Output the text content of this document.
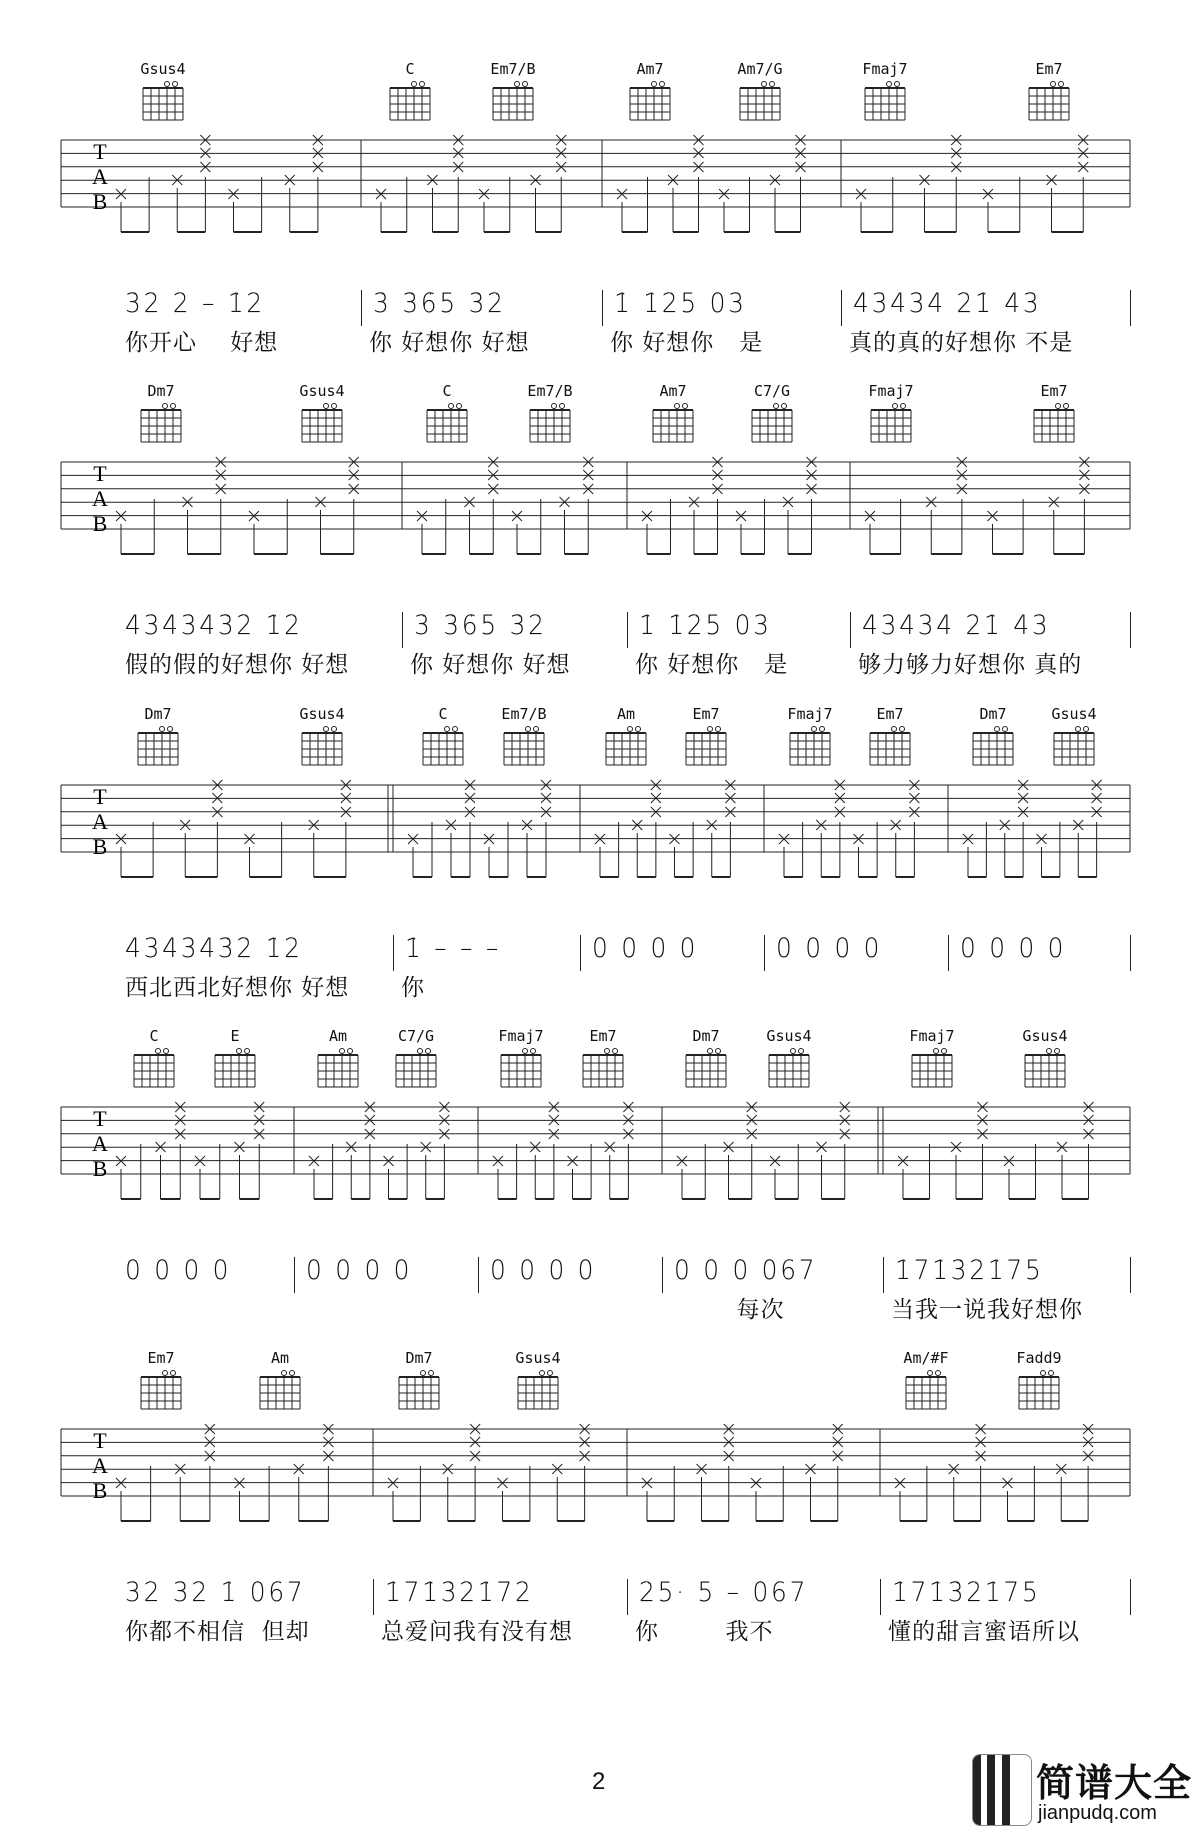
Gsus4	C	Em7/B	Am7	Am7/G	Fmaj7	Em7
T
A
B
3̇2̇ 2̇ – 1̇2̇	3̇ 3̇6̇5 3̇2̇	1̇ 1̇2̇5 03	43434 2̇1̇ 43
你开心    好想	你 好想你 好想	你 好想你   是	真的真的好想你 不是
Dm7	Gsus4	C	Em7/B	Am7	C7/G	Fmaj7	Em7
T
A
B
434343̇2̇ 1̇2̇	3̇ 3̇6̇5 3̇2̇	1̇ 1̇2̇5 03	43434 2̇1̇ 43
假的假的好想你 好想	你 好想你 好想	你 好想你   是	够力够力好想你 真的
Dm7	Gsus4	C	Em7/B	Am	Em7	Fmaj7	Em7	Dm7	Gsus4
T
A
B
434343̇2̇ 1̇2̇	1̇ – – –	0 0 0 0	0 0 0 0	0 0 0 0
西北西北好想你 好想 你
C	E	Am	C7/G	Fmaj7	Em7	Dm7	Gsus4	Fmaj7	Gsus4
T
A
B
0 0 0 0	0 0 0 0	0 0 0 0	0 0 0 067	1̇71̇3̇2̇1̇75
每次	当我一说我好想你
Em7	Am	Dm7	Gsus4	Am/#F	Fadd9
T
A
B
32 32̇ 1̇ 067	1̇71̇3̇2̇1̇72̇	2̇5· 5 – 067	1̇71̇3̇2̇1̇75
你都不相信  但却	总爱问我有没有想	你        我不	懂的甜言蜜语所以
2	简谱大全
jianpudq.com
